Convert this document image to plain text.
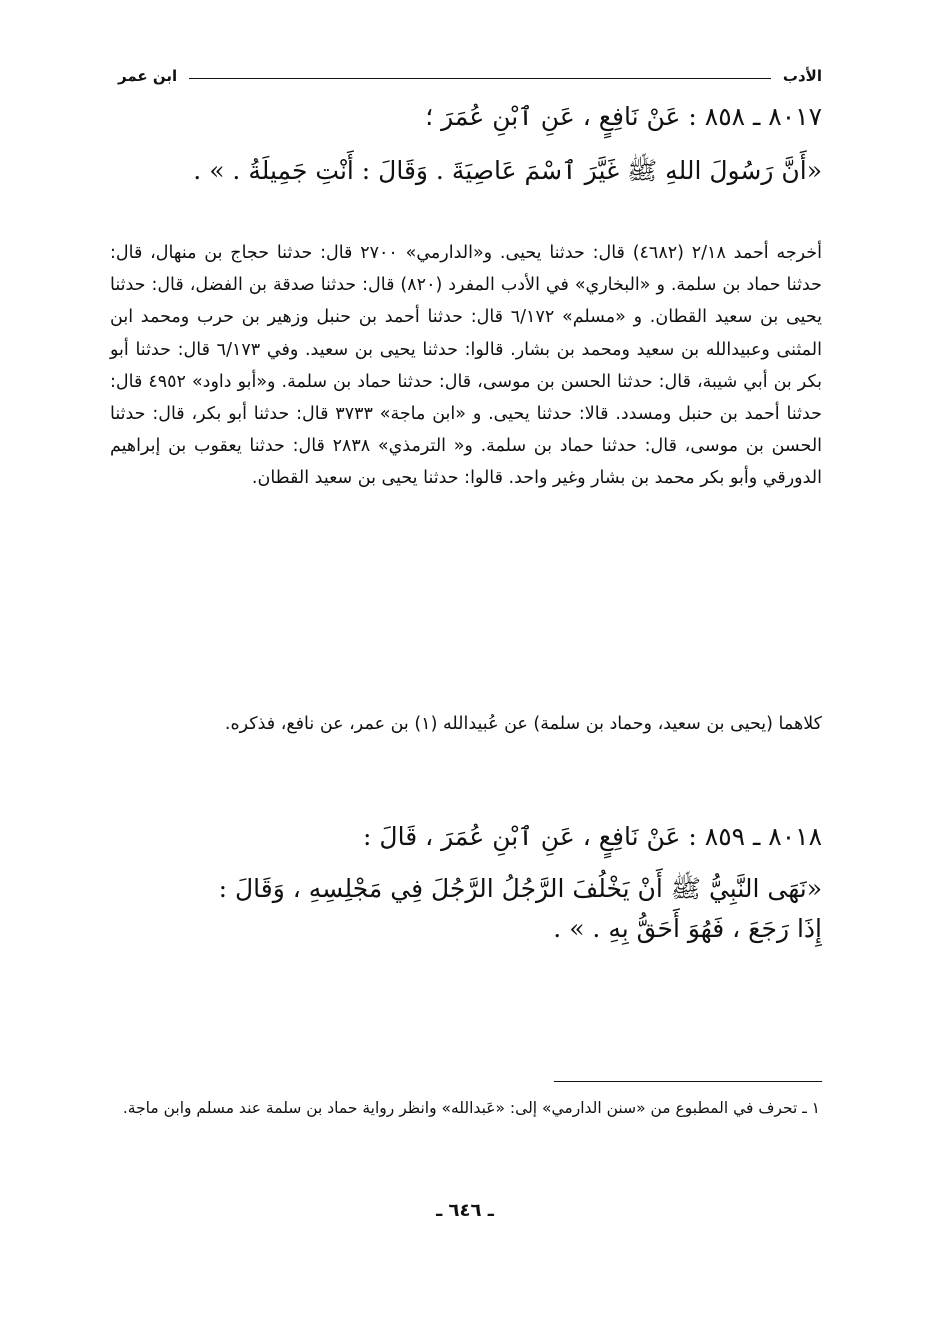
الأدب
ابن عمر
٨٠١٧ ـ ٨٥٨ : عَنْ نَافِعٍ ، عَنِ ٱبْنِ عُمَرَ ؛
«أَنَّ رَسُولَ اللهِ ﷺ غَيَّرَ ٱسْمَ عَاصِيَةَ . وَقَالَ : أَنْتِ جَمِيلَةُ . » .
أخرجه أحمد ٢/١٨ (٤٦٨٢) قال: حدثنا يحيى. و«الدارمي» ٢٧٠٠ قال: حدثنا حجاج بن منهال، قال: حدثنا حماد بن سلمة. و «البخاري» في الأدب المفرد (٨٢٠) قال: حدثنا صدقة بن الفضل، قال: حدثنا يحيى بن سعيد القطان. و «مسلم» ٦/١٧٢ قال: حدثنا أحمد بن حنبل وزهير بن حرب ومحمد ابن المثنى وعبيدالله بن سعيد ومحمد بن بشار. قالوا: حدثنا يحيى بن سعيد. وفي ٦/١٧٣ قال: حدثنا أبو بكر بن أبي شيبة، قال: حدثنا الحسن بن موسى، قال: حدثنا حماد بن سلمة. و«أبو داود» ٤٩٥٢ قال: حدثنا أحمد بن حنبل ومسدد. قالا: حدثنا يحيى. و «ابن ماجة» ٣٧٣٣ قال: حدثنا أبو بكر، قال: حدثنا الحسن بن موسى، قال: حدثنا حماد بن سلمة. و« الترمذي» ٢٨٣٨ قال: حدثنا يعقوب بن إبراهيم الدورقي وأبو بكر محمد بن بشار وغير واحد. قالوا: حدثنا يحيى بن سعيد القطان.
كلاهما (يحيى بن سعيد، وحماد بن سلمة) عن عُبيدالله (١) بن عمر، عن نافع، فذكره.
٨٠١٨ ـ ٨٥٩ : عَنْ نَافِعٍ ، عَنِ ٱبْنِ عُمَرَ ، قَالَ :
«نَهَى النَّبِيُّ ﷺ أَنْ يَخْلُفَ الرَّجُلُ الرَّجُلَ فِي مَجْلِسِهِ ، وَقَالَ :
إِذَا رَجَعَ ، فَهُوَ أَحَقُّ بِهِ . » .
١ ـ تحرف في المطبوع من «سنن الدارمي» إلى: «عَبدالله» وانظر رواية حماد بن سلمة عند مسلم وابن ماجة.
ـ ٦٤٦ ـ
